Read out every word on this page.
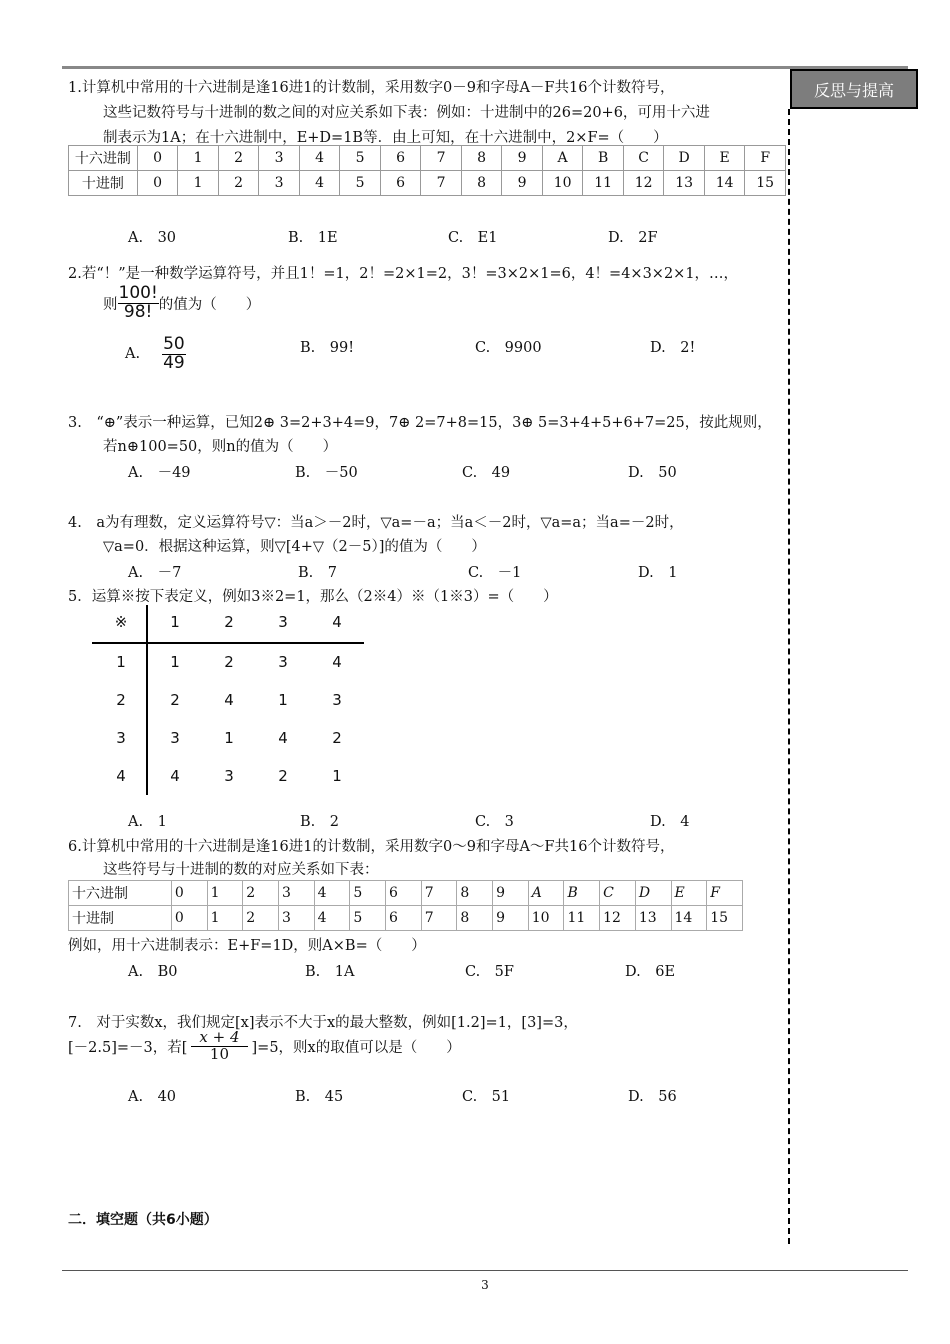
反思与提高
1.计算机中常用的十六进制是逢16进1的计数制，采用数字0－9和字母A－F共16个计数符号，
这些记数符号与十进制的数之间的对应关系如下表：例如：十进制中的26=20+6，可用十六进
制表示为1A；在十六进制中，E+D=1B等．由上可知，在十六进制中，2×F=（　　）
十六进制	0	1	2	3	4	5	6	7	8	9	A	B	C	D	E	F
十进制	0	1	2	3	4	5	6	7	8	9	10	11	12	13	14	15
A.　30	B.　1E	C.　E1	D.　2F
2.若“！”是一种数学运算符号，并且1！=1，2！=2×1=2，3！=3×2×1=6，4！=4×3×2×1，…，
则 $\frac{100!}{98!}$ 的值为（　　）
A. $\frac{50}{49}$	B.　99!	C.　9900	D.　2!
3.　“⊕”表示一种运算，已知2⊕ 3=2+3+4=9，7⊕ 2=7+8=15，3⊕ 5=3+4+5+6+7=25，按此规则，
若n⊕100=50，则n的值为（　　）
A.　－49	B.　－50	C.　49	D.　50
4.　a为有理数，定义运算符号▽：当a＞－2时，▽a=－a；当a＜－2时，▽a=a；当a=－2时，
▽a=0．根据这种运算，则▽[4+▽（2－5）]的值为（　　）
A.　－7	B.　7	C.　－1	D.　1
5．运算※按下表定义，例如3※2=1，那么（2※4）※（1※3）=（　　）
※	1	2	3	4
1	1	2	3	4
2	2	4	1	3
3	3	1	4	2
4	4	3	2	1
A.　1	B.　2	C.　3	D.　4
6.计算机中常用的十六进制是逢16进1的计数制，采用数字0～9和字母A～F共16个计数符号，
这些符号与十进制的数的对应关系如下表：
十六进制	0	1	2	3	4	5	6	7	8	9	A	B	C	D	E	F
十进制	0	1	2	3	4	5	6	7	8	9	10	11	12	13	14	15
例如，用十六进制表示：E+F=1D，则A×B=（　　）
A.　B0	B.　1A	C.　5F	D.　6E
7.　对于实数x，我们规定[x]表示不大于x的最大整数，例如[1.2]=1，[3]=3，
[－2.5]=－3，若[ $\frac{x + 4}{10} ]=5$，则x的取值可以是（　　）
A.　40	B.　45	C.　51	D.　56
二．填空题（共6小题）
3
